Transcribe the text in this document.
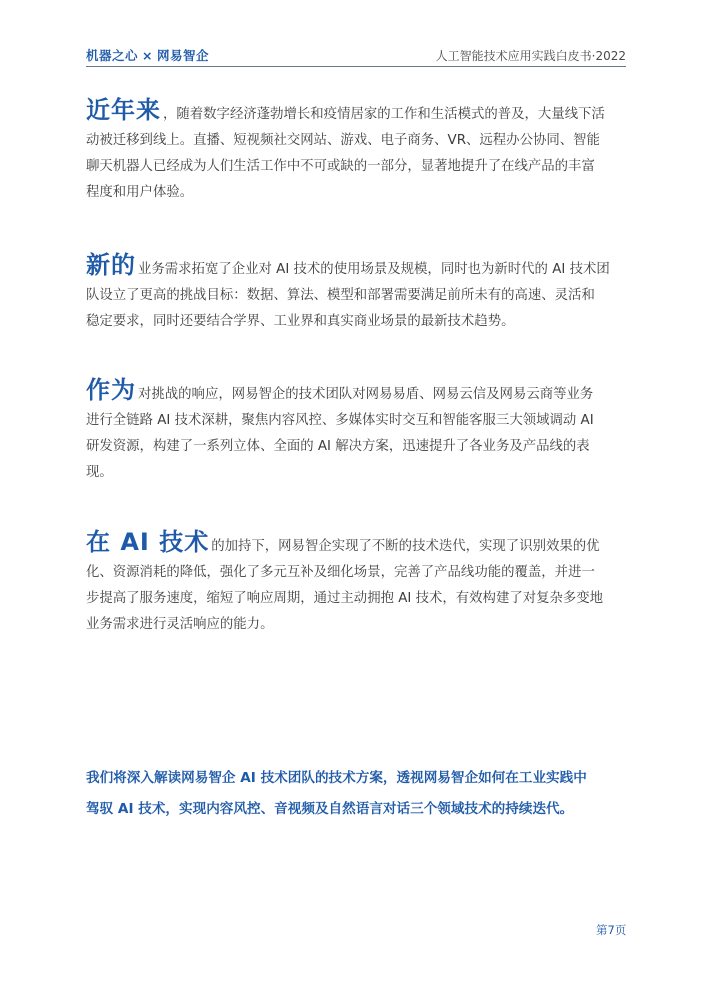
机器之心 × 网易智企	人工智能技术应用实践白皮书·2022
近年来 ，随着数字经济蓬勃增长和疫情居家的工作和生活模式的普及，大量线下活
动被迁移到线上。直播、短视频社交网站、游戏、电子商务、VR、远程办公协同、智能
聊天机器人已经成为人们生活工作中不可或缺的一部分，显著地提升了在线产品的丰富
程度和用户体验。
新的 业务需求拓宽了企业对 AI 技术的使用场景及规模，同时也为新时代的 AI 技术团
队设立了更高的挑战目标：数据、算法、模型和部署需要满足前所未有的高速、灵活和
稳定要求，同时还要结合学界、工业界和真实商业场景的最新技术趋势。
作为 对挑战的响应，网易智企的技术团队对网易易盾、网易云信及网易云商等业务
进行全链路 AI 技术深耕，聚焦内容风控、多媒体实时交互和智能客服三大领域调动 AI
研发资源，构建了一系列立体、全面的 AI 解决方案，迅速提升了各业务及产品线的表
现。
在 AI 技术 的加持下，网易智企实现了不断的技术迭代，实现了识别效果的优
化、资源消耗的降低，强化了多元互补及细化场景，完善了产品线功能的覆盖，并进一
步提高了服务速度，缩短了响应周期，通过主动拥抱 AI 技术，有效构建了对复杂多变地
业务需求进行灵活响应的能力。
我们将深入解读网易智企 AI 技术团队的技术方案，透视网易智企如何在工业实践中
驾驭 AI 技术，实现内容风控、音视频及自然语言对话三个领域技术的持续迭代。
第7页
